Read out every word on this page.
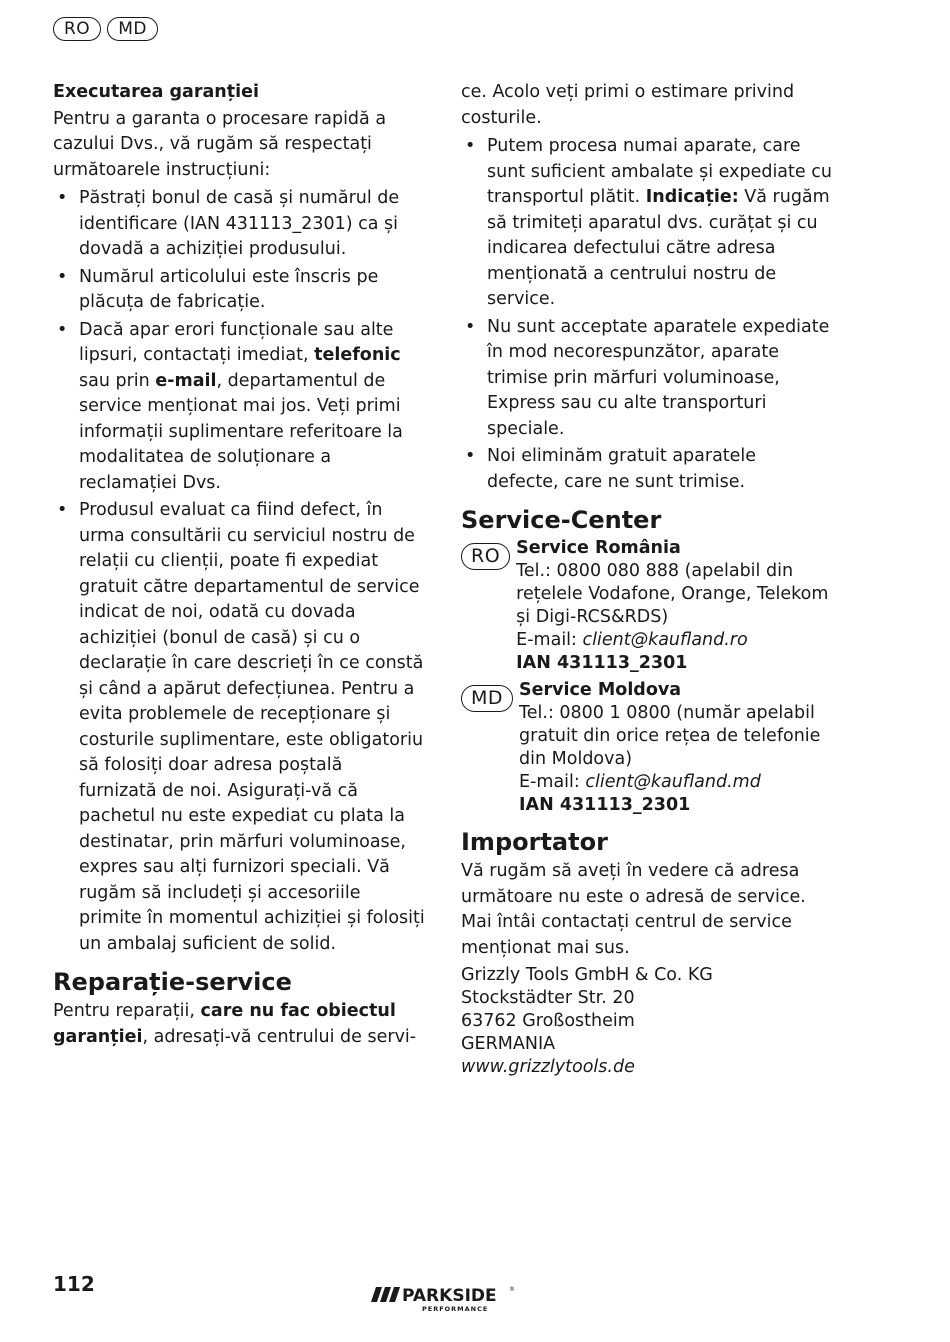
RO	MD

Executarea garanției

Pentru a garanta o procesare rapidă a cazului Dvs., vă rugăm să respectați următoarele instrucțiuni:

• Păstrați bonul de casă și numărul de identificare (IAN 431113_2301) ca și dovadă a achiziției produsului.
• Numărul articolului este înscris pe plăcuța de fabricație.
• Dacă apar erori funcționale sau alte lipsuri, contactați imediat, telefonic sau prin e-mail, departamentul de service menționat mai jos. Veți primi informații suplimentare referitoare la modalitatea de soluționare a reclamației Dvs.
• Produsul evaluat ca fiind defect, în urma consultării cu serviciul nostru de relații cu clienții, poate fi expediat gratuit către departamentul de service indicat de noi, odată cu dovada achiziției (bonul de casă) și cu o declarație în care descrieți în ce constă și când a apărut defecțiunea. Pentru a evita problemele de recepționare și costurile suplimentare, este obligatoriu să folosiți doar adresa poștală furnizată de noi. Asigurați-vă că pachetul nu este expediat cu plata la destinatar, prin mărfuri voluminoase, expres sau alți furnizori speciali. Vă rugăm să includeți și accesoriile primite în momentul achiziției și folosiți un ambalaj suficient de solid.

Reparație-service

Pentru reparații, care nu fac obiectul garanției, adresați-vă centrului de servi-

ce. Acolo veți primi o estimare privind costurile.

• Putem procesa numai aparate, care sunt suficient ambalate și expediate cu transportul plătit. Indicație: Vă rugăm să trimiteți aparatul dvs. curățat și cu indicarea defectului către adresa menționată a centrului nostru de service.
• Nu sunt acceptate aparatele expediate în mod necorespunzător, aparate trimise prin mărfuri voluminoase, Express sau cu alte transporturi speciale.
• Noi eliminăm gratuit aparatele defecte, care ne sunt trimise.

Service-Center

RO Service România
Tel.: 0800 080 888 (apelabil din rețelele Vodafone, Orange, Telekom și Digi-RCS&RDS)
E-mail: client@kaufland.ro
IAN 431113_2301
MD Service Moldova
Tel.: 0800 1 0800 (număr apelabil gratuit din orice rețea de telefonie din Moldova)
E-mail: client@kaufland.md
IAN 431113_2301

Importator

Vă rugăm să aveți în vedere că adresa următoare nu este o adresă de service. Mai întâi contactați centrul de service menționat mai sus.

Grizzly Tools GmbH & Co. KG
Stockstädter Str. 20
63762 Großostheim
GERMANIA
www.grizzlytools.de
112	PARKSIDE ®
PERFORMANCE
